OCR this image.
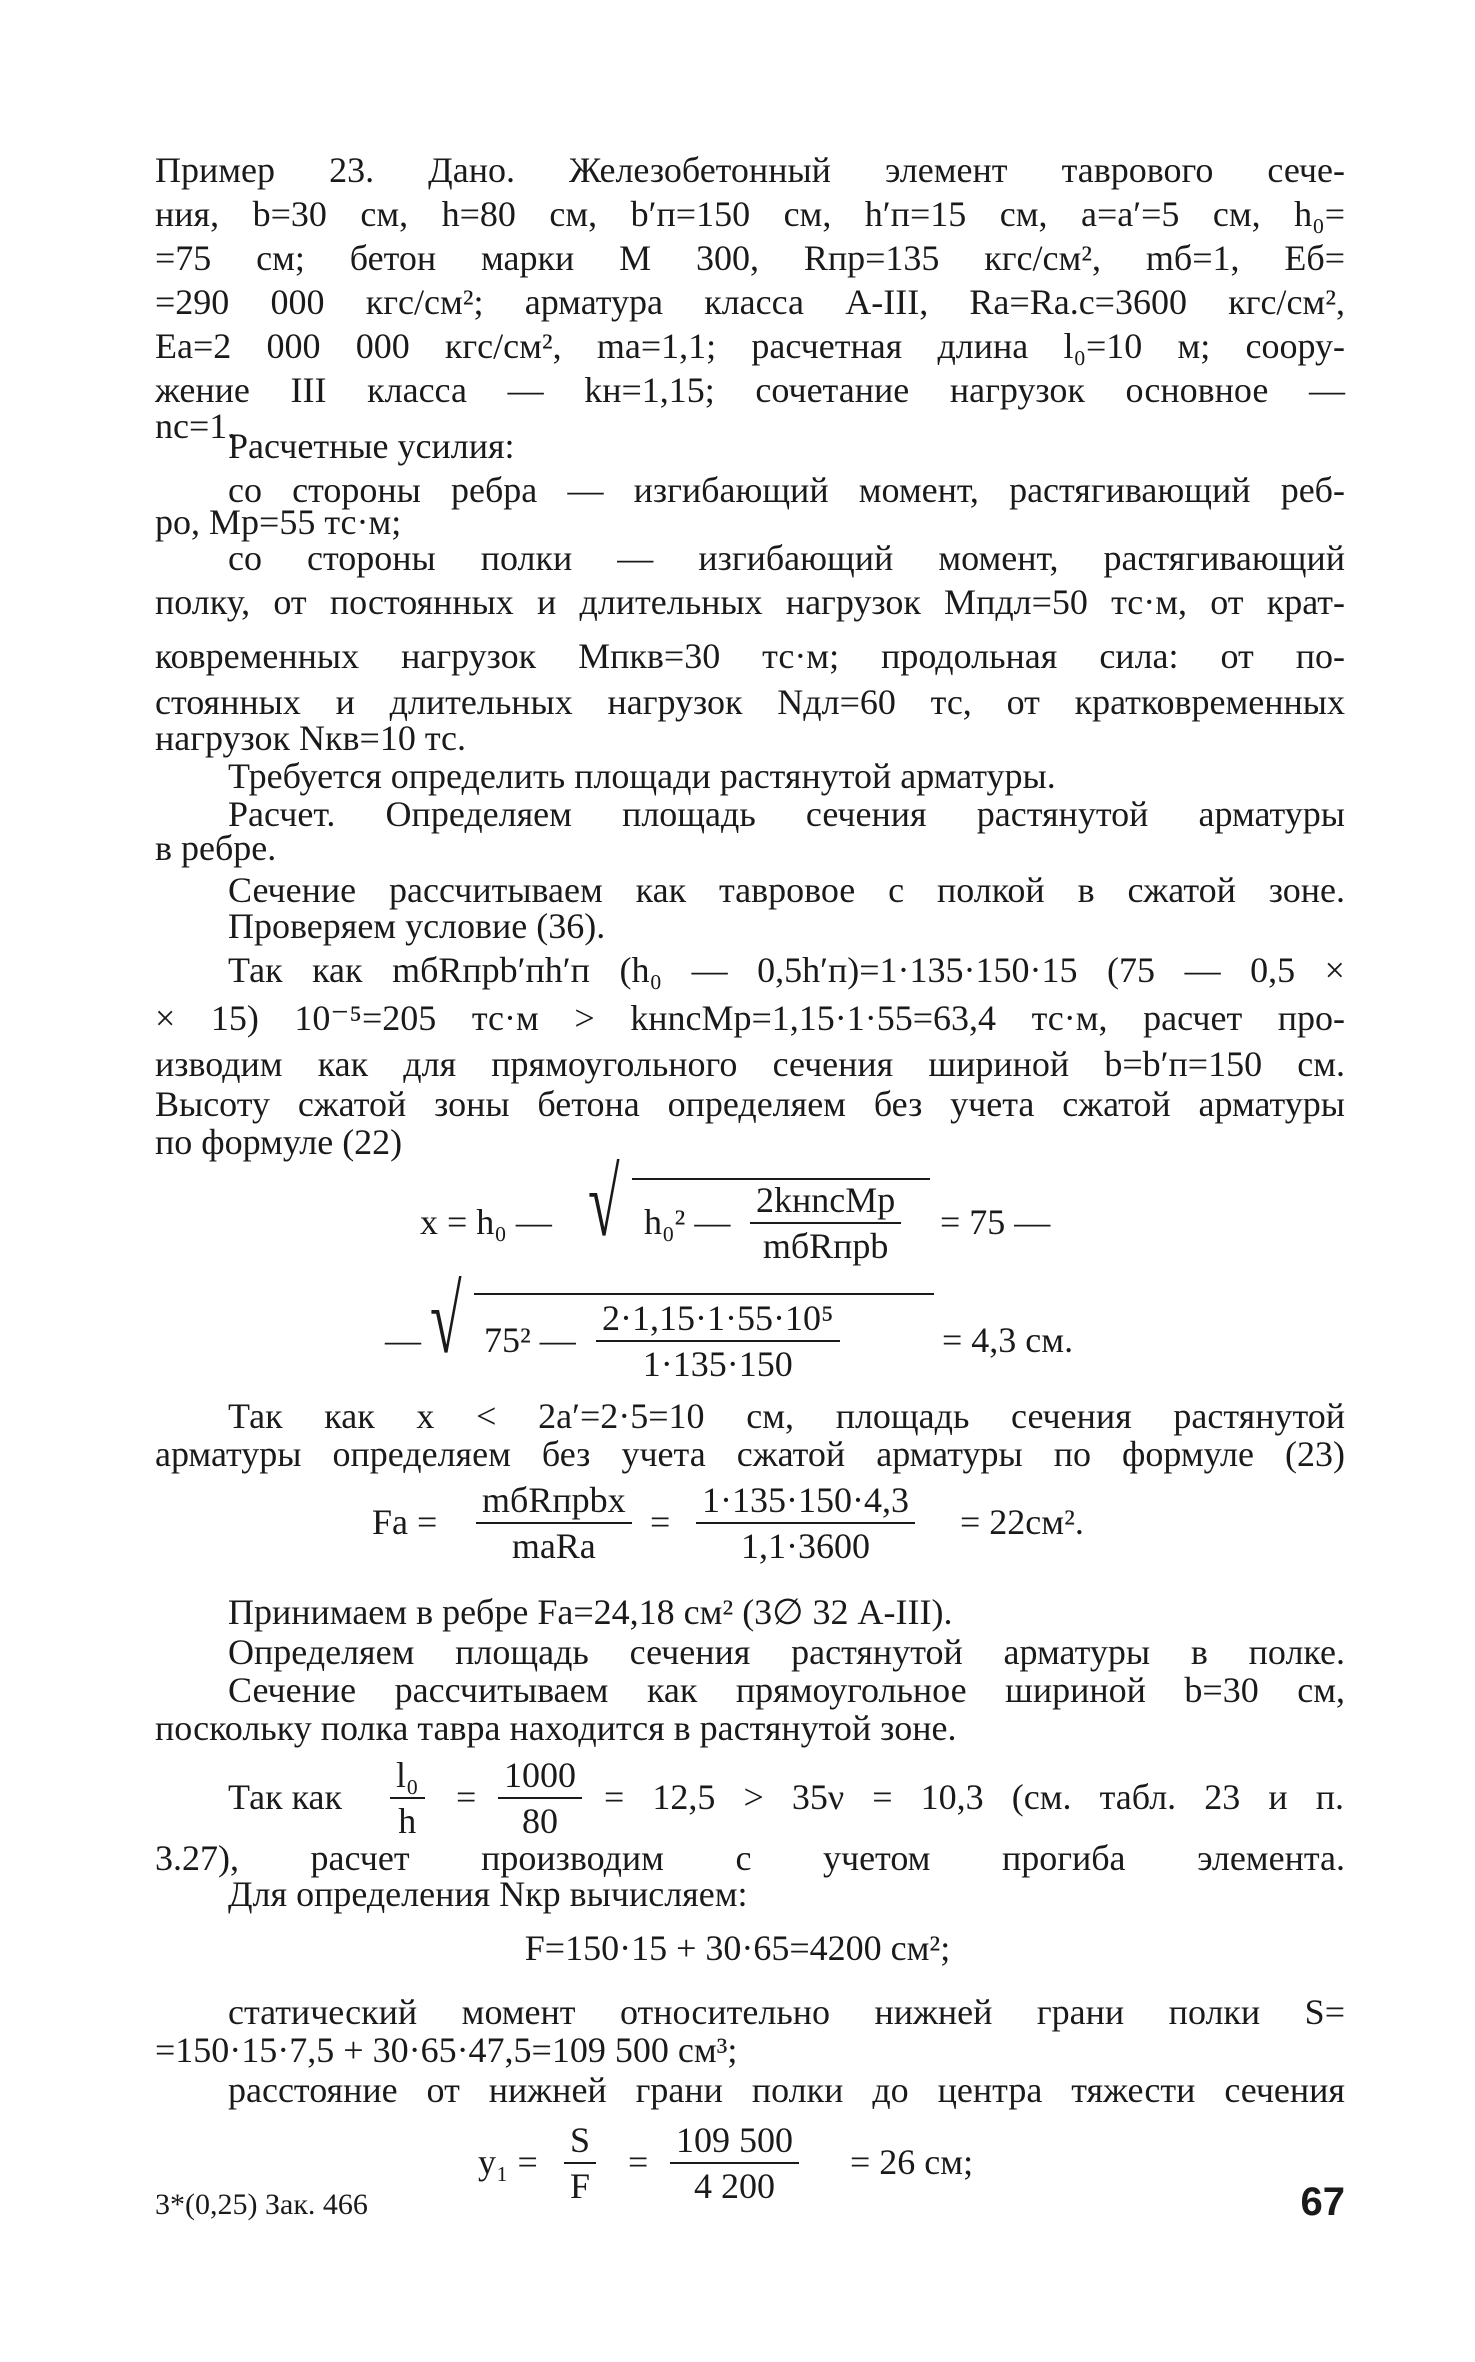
Пример 23. Дано. Железобетонный элемент таврового сече-
ния, b=30 см, h=80 см, b′п=150 см, h′п=15 см, a=a′=5 см, h₀=
=75 см; бетон марки М 300, Rпр=135 кгс/см², mб=1, Eб=
=290 000 кгс/см²; арматура класса А-III, Rа=Rа.с=3600 кгс/см²,
Eа=2 000 000 кгс/см², mа=1,1; расчетная длина l₀=10 м; соору-
жение III класса — kн=1,15; сочетание нагрузок основное —
nc=1.
Расчетные усилия:
со стороны ребра — изгибающий момент, растягивающий реб-
ро, Mр=55 тс·м;
со стороны полки — изгибающий момент, растягивающий
полку, от постоянных и длительных нагрузок Mпдл=50 тс·м, от крат-
ковременных нагрузок Mпкв=30 тс·м; продольная сила: от по-
стоянных и длительных нагрузок Nдл=60 тс, от кратковременных
нагрузок Nкв=10 тс.
Требуется определить площади растянутой арматуры.
Расчет. Определяем площадь сечения растянутой арматуры
в ребре.
Сечение рассчитываем как тавровое с полкой в сжатой зоне.
Проверяем условие (36).
Так как mбRпрb′пh′п (h₀ — 0,5h′п)=1·135·150·15 (75 — 0,5 ×
× 15) 10⁻⁵=205 тс·м > kнncMр=1,15·1·55=63,4 тс·м, расчет про-
изводим как для прямоугольного сечения шириной b=b′п=150 см.
Высоту сжатой зоны бетона определяем без учета сжатой арматуры
по формуле (22)
x = h₀ — √ h₀² — $\frac{\text{2kнncMр}}{\text{mбRпрb}} = 75$ —
— √ 75² — $\frac{\text{2·1,15·1·55·10⁵}}{1\cdot 135\cdot 150}$	= 4,3 см.
Так как x < 2a′=2·5=10 см, площадь сечения растянутой
арматуры определяем без учета сжатой арматуры по формуле (23)
Fа = $\frac{\text{mбRпрbx}}{\text{mаRа}} = \frac{1\cdot 135\cdot 150\cdot 4,3}{1,1\cdot 3600} = 22см^2$.
Принимаем в ребре Fа=24,18 см² (3∅ 32 А-III).
Определяем площадь сечения растянутой арматуры в полке.
Сечение рассчитываем как прямоугольное шириной b=30 см,
поскольку полка тавра находится в растянутой зоне.
Так как $\frac{\text{l₀}}{h} = \frac{1000}{80} = 12,5 > 35\nu = 10,3$ (см. табл. 23 и п.
3.27), расчет производим с учетом прогиба элемента.
Для определения Nкр вычисляем:
F=150·15 + 30·65=4200 см²;
статический момент относительно нижней грани полки S=
=150·15·7,5 + 30·65·47,5=109 500 см³;
расстояние от нижней грани полки до центра тяжести сечения
$y_1 = \frac{S}{F} = \frac{109 500}{4 200} = 26$ см;
3*(0,25) Зак. 466	67
